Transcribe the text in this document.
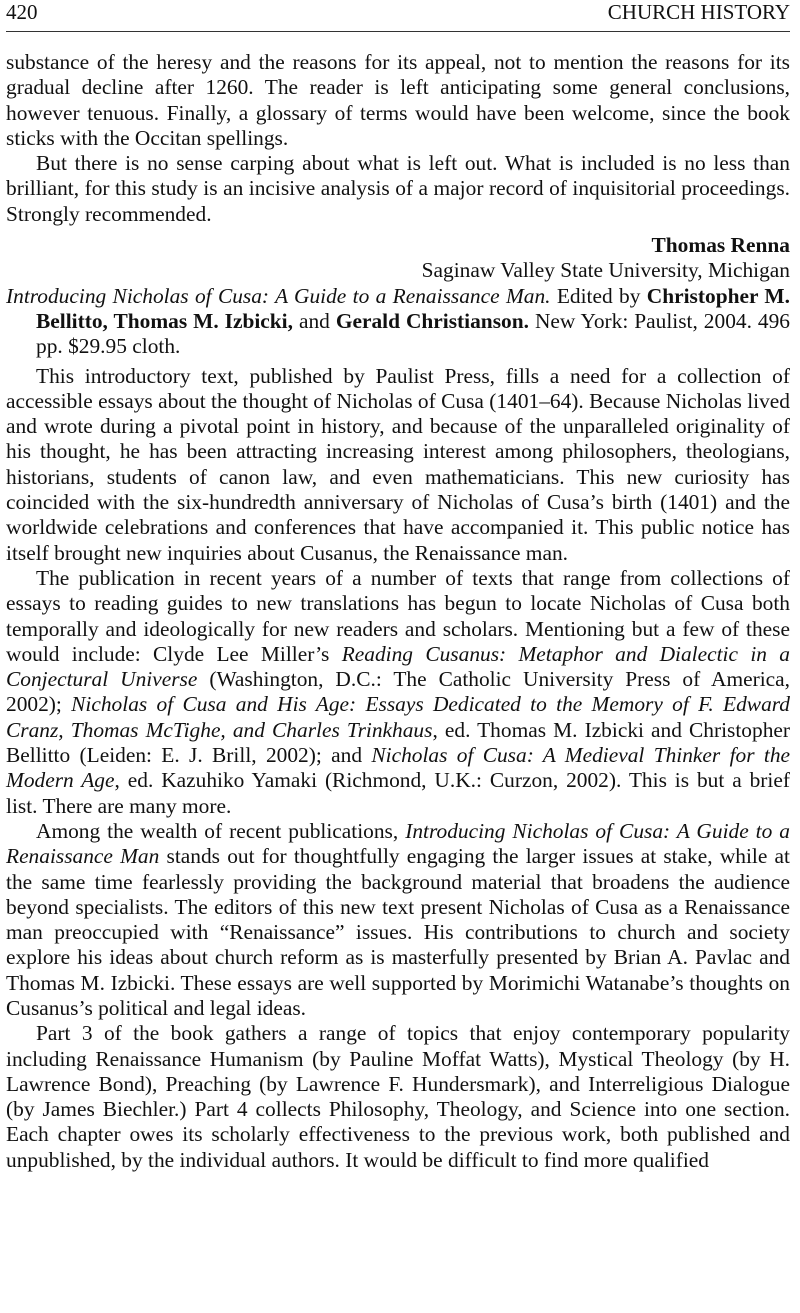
420	CHURCH HISTORY

substance of the heresy and the reasons for its appeal, not to mention the reasons for its gradual decline after 1260. The reader is left anticipating some general conclusions, however tenuous. Finally, a glossary of terms would have been welcome, since the book sticks with the Occitan spellings.

But there is no sense carping about what is left out. What is included is no less than brilliant, for this study is an incisive analysis of a major record of inquisitorial proceedings. Strongly recommended.

Thomas Renna
Saginaw Valley State University, Michigan

Introducing Nicholas of Cusa: A Guide to a Renaissance Man. Edited by Christopher M. Bellitto, Thomas M. Izbicki, and Gerald Christianson. New York: Paulist, 2004. 496 pp. $29.95 cloth.

This introductory text, published by Paulist Press, fills a need for a collection of accessible essays about the thought of Nicholas of Cusa (1401–64). Because Nicholas lived and wrote during a pivotal point in history, and because of the unparalleled originality of his thought, he has been attracting increasing interest among philosophers, theologians, historians, students of canon law, and even mathematicians. This new curiosity has coincided with the six-hundredth anniversary of Nicholas of Cusa’s birth (1401) and the worldwide celebrations and conferences that have accompanied it. This public notice has itself brought new inquiries about Cusanus, the Renaissance man.

The publication in recent years of a number of texts that range from collections of essays to reading guides to new translations has begun to locate Nicholas of Cusa both temporally and ideologically for new readers and scholars. Mentioning but a few of these would include: Clyde Lee Miller’s Reading Cusanus: Metaphor and Dialectic in a Conjectural Universe (Washington, D.C.: The Catholic University Press of America, 2002); Nicholas of Cusa and His Age: Essays Dedicated to the Memory of F. Edward Cranz, Thomas McTighe, and Charles Trinkhaus, ed. Thomas M. Izbicki and Christopher Bellitto (Leiden: E. J. Brill, 2002); and Nicholas of Cusa: A Medieval Thinker for the Modern Age, ed. Kazuhiko Yamaki (Richmond, U.K.: Curzon, 2002). This is but a brief list. There are many more.

Among the wealth of recent publications, Introducing Nicholas of Cusa: A Guide to a Renaissance Man stands out for thoughtfully engaging the larger issues at stake, while at the same time fearlessly providing the background material that broadens the audience beyond specialists. The editors of this new text present Nicholas of Cusa as a Renaissance man preoccupied with “Renaissance” issues. His contributions to church and society explore his ideas about church reform as is masterfully presented by Brian A. Pavlac and Thomas M. Izbicki. These essays are well supported by Morimichi Watanabe’s thoughts on Cusanus’s political and legal ideas.

Part 3 of the book gathers a range of topics that enjoy contemporary popularity including Renaissance Humanism (by Pauline Moffat Watts), Mystical Theology (by H. Lawrence Bond), Preaching (by Lawrence F. Hundersmark), and Interreligious Dialogue (by James Biechler.) Part 4 collects Philosophy, Theology, and Science into one section. Each chapter owes its scholarly effectiveness to the previous work, both published and unpublished, by the individual authors. It would be difficult to find more qualified
